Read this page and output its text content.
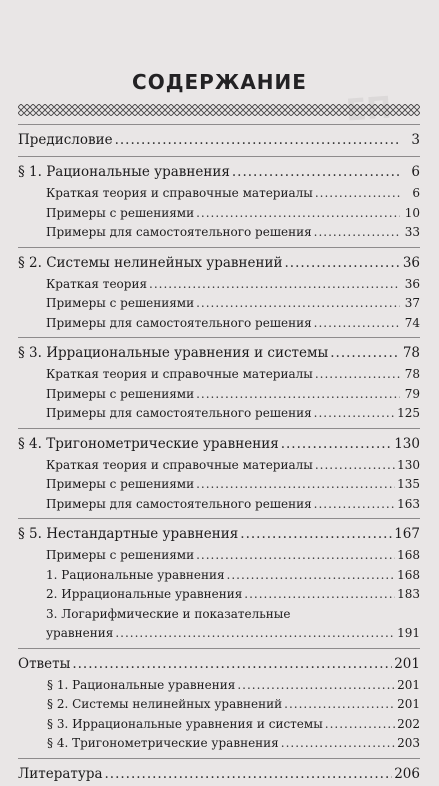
СОДЕРЖАНИЕ
Предисловие .....	3
§ 1. Рациональные уравнения .....	6
Краткая теория и справочные материалы .....	6
Примеры с решениями .....	10
Примеры для самостоятельного решения .....	33
§ 2. Системы нелинейных уравнений .....	36
Краткая теория .....	36
Примеры с решениями .....	37
Примеры для самостоятельного решения .....	74
§ 3. Иррациональные уравнения и системы .....	78
Краткая теория и справочные материалы .....	78
Примеры с решениями .....	79
Примеры для самостоятельного решения .....	125
§ 4. Тригонометрические уравнения .....	130
Краткая теория и справочные материалы .....	130
Примеры с решениями .....	135
Примеры для самостоятельного решения .....	163
§ 5. Нестандартные уравнения .....	167
Примеры с решениями .....	168
1. Рациональные уравнения .....	168
2. Иррациональные уравнения .....	183
3. Логарифмические и показательные
уравнения .....	191
Ответы .....	201
§ 1. Рациональные уравнения .....	201
§ 2. Системы нелинейных уравнений .....	201
§ 3. Иррациональные уравнения и системы .....	202
§ 4. Тригонометрические уравнения .....	203
Литература .....	206
